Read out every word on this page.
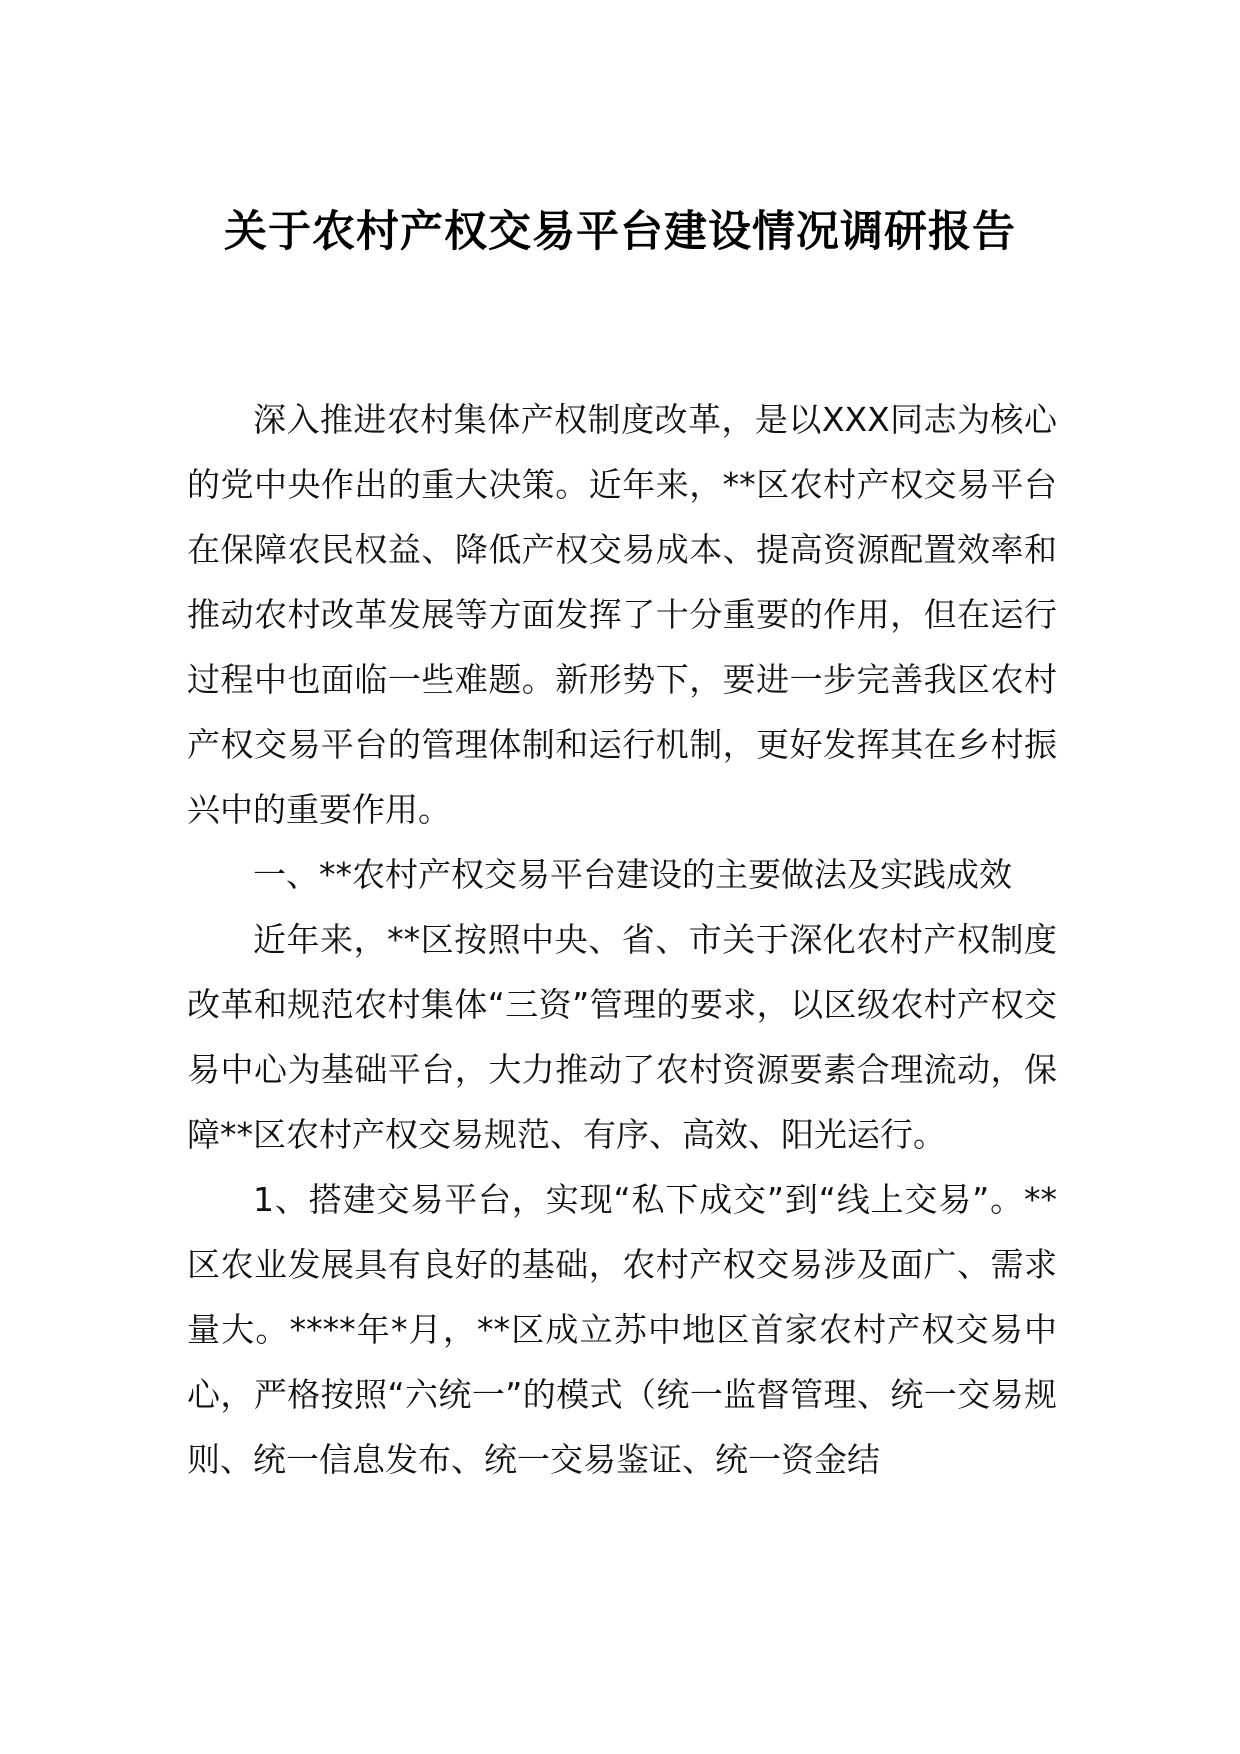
关于农村产权交易平台建设情况调研报告

深入推进农村集体产权制度改革，是以XXX同志为核心的党中央作出的重大决策。近年来，**区农村产权交易平台在保障农民权益、降低产权交易成本、提高资源配置效率和推动农村改革发展等方面发挥了十分重要的作用，但在运行过程中也面临一些难题。新形势下，要进一步完善我区农村产权交易平台的管理体制和运行机制，更好发挥其在乡村振兴中的重要作用。

一、**农村产权交易平台建设的主要做法及实践成效

近年来，**区按照中央、省、市关于深化农村产权制度改革和规范农村集体“三资”管理的要求，以区级农村产权交易中心为基础平台，大力推动了农村资源要素合理流动，保障**区农村产权交易规范、有序、高效、阳光运行。

1、搭建交易平台，实现“私下成交”到“线上交易”。**区农业发展具有良好的基础，农村产权交易涉及面广、需求量大。****年*月，**区成立苏中地区首家农村产权交易中心，严格按照“六统一”的模式（统一监督管理、统一交易规则、统一信息发布、统一交易鉴证、统一资金结
